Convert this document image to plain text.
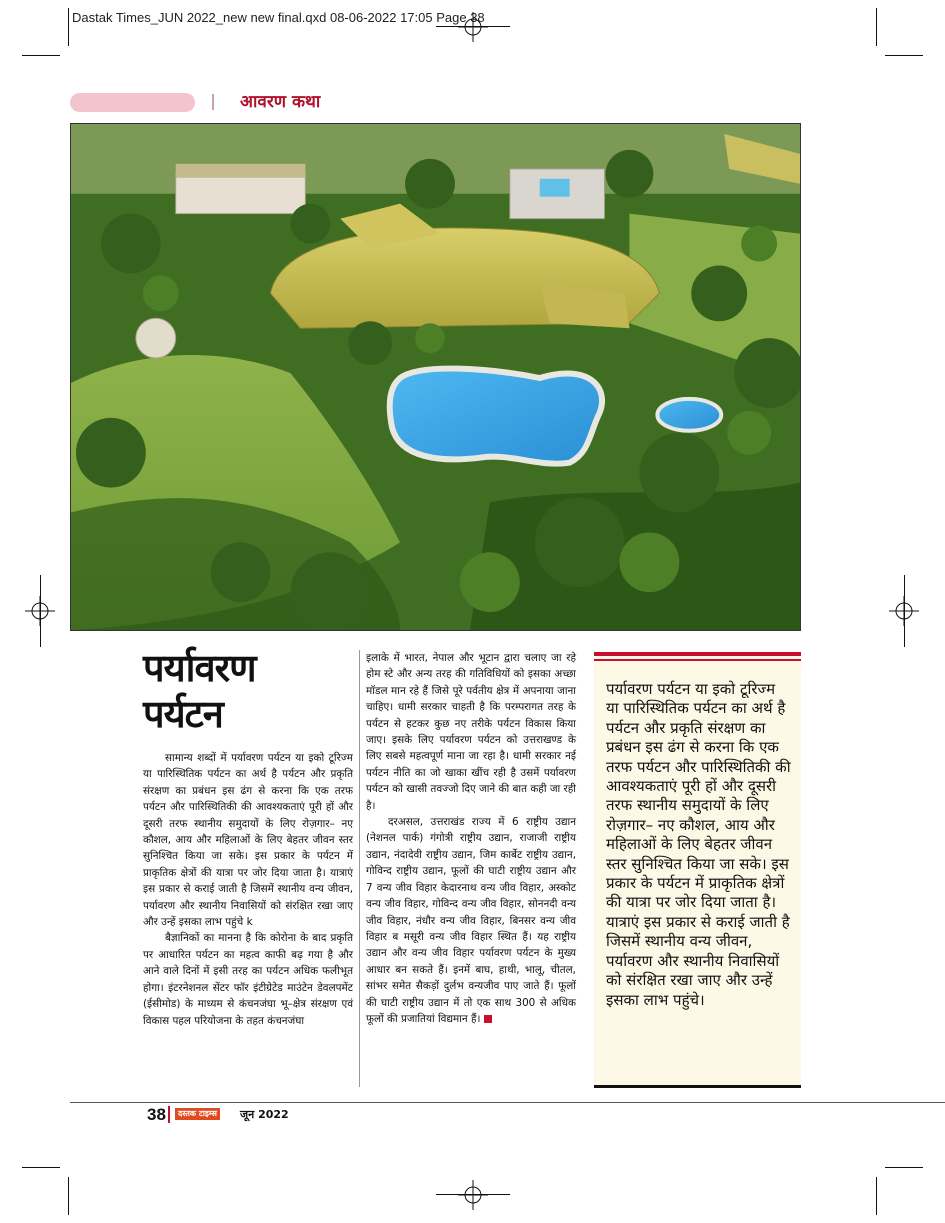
Dastak Times_JUN 2022_new new final.qxd 08-06-2022 17:05 Page 38
आवरण कथा
पर्यावरण
पर्यटन

सामान्य शब्दों में पर्यावरण पर्यटन या इको टूरिज्म या पारिस्थितिक पर्यटन का अर्थ है पर्यटन और प्रकृति संरक्षण का प्रबंधन इस ढंग से करना कि एक तरफ पर्यटन और पारिस्थितिकी की आवश्यकताएं पूरी हों और दूसरी तरफ स्थानीय समुदायों के लिए रोज़गार– नए कौशल, आय और महिलाओं के लिए बेहतर जीवन स्तर सुनिश्चित किया जा सके। इस प्रकार के पर्यटन में प्राकृतिक क्षेत्रों की यात्रा पर जोर दिया जाता है। यात्राएं इस प्रकार से कराई जाती है जिसमें स्थानीय वन्य जीवन, पर्यावरण और स्थानीय निवासियों को संरक्षित रखा जाए और उन्हें इसका लाभ पहुंचे k

बैज्ञानिकों का मानना है कि कोरोना के बाद प्रकृति पर आधारित पर्यटन का महत्व काफी बढ़ गया है और आने वाले दिनों में इसी तरह का पर्यटन अधिक फलीभूत होगा। इंटरनेशनल सेंटर फॉर इंटीग्रेटेड माउंटेन डेवलपमेंट (ईसीमोड) के माध्यम से कंचनजंघा भू–क्षेत्र संरक्षण एवं विकास पहल परियोजना के तहत कंचनजंघा

इलाके में भारत, नेपाल और भूटान द्वारा चलाए जा रहे होम स्टे और अन्य तरह की गतिविधियों को इसका अच्छा मॉडल मान रहे हैं जिसे पूरे पर्वतीय क्षेत्र में अपनाया जाना चाहिए। धामी सरकार चाहती है कि परम्परागत तरह के पर्यटन से हटकर कुछ नए तरीके पर्यटन विकास किया जाए। इसके लिए पर्यावरण पर्यटन को उत्तराखण्ड के लिए सबसे महत्वपूर्ण माना जा रहा है। धामी सरकार नई पर्यटन नीति का जो खाका खींच रही है उसमें पर्यावरण पर्यटन को खासी तवज्जो दिए जाने की बात कही जा रही है।

दरअसल, उत्तराखंड राज्य में 6 राष्ट्रीय उद्यान (नेशनल पार्क) गंगोत्री राष्ट्रीय उद्यान, राजाजी राष्ट्रीय उद्यान, नंदादेवी राष्ट्रीय उद्यान, जिम कार्बेट राष्ट्रीय उद्यान, गोविन्द राष्ट्रीय उद्यान, फूलों की घाटी राष्ट्रीय उद्यान और 7 वन्य जीव विहार केदारनाथ वन्य जीव विहार, अस्कोट वन्य जीव विहार, गोविन्द वन्य जीव विहार, सोननदी वन्य जीव विहार, नंधौर वन्य जीव विहार, बिनसर वन्य जीव विहार ब मसूरी वन्य जीव विहार स्थित हैं। यह राष्ट्रीय उद्यान और वन्य जीव विहार पर्यावरण पर्यटन के मुख्य आधार बन सकते हैं। इनमें बाघ, हाथी, भालू, चीतल, सांभर समेत सैकड़ों दुर्लभ वन्यजीव पाए जाते हैं। फूलों की घाटी राष्ट्रीय उद्यान में तो एक साथ 300 से अधिक फूलों की प्रजातियां विद्यमान हैं।

पर्यावरण पर्यटन या इको टूरिज्म या पारिस्थितिक पर्यटन का अर्थ है पर्यटन और प्रकृति संरक्षण का प्रबंधन इस ढंग से करना कि एक तरफ पर्यटन और पारिस्थितिकी की आवश्यकताएं पूरी हों और दूसरी तरफ स्थानीय समुदायों के लिए रोज़गार– नए कौशल, आय और महिलाओं के लिए बेहतर जीवन स्तर सुनिश्चित किया जा सके। इस प्रकार के पर्यटन में प्राकृतिक क्षेत्रों की यात्रा पर जोर दिया जाता है। यात्राएं इस प्रकार से कराई जाती है जिसमें स्थानीय वन्य जीवन, पर्यावरण और स्थानीय निवासियों को संरक्षित रखा जाए और उन्हें इसका लाभ पहुंचे।
38	दस्तक टाइम्स जून 2022
